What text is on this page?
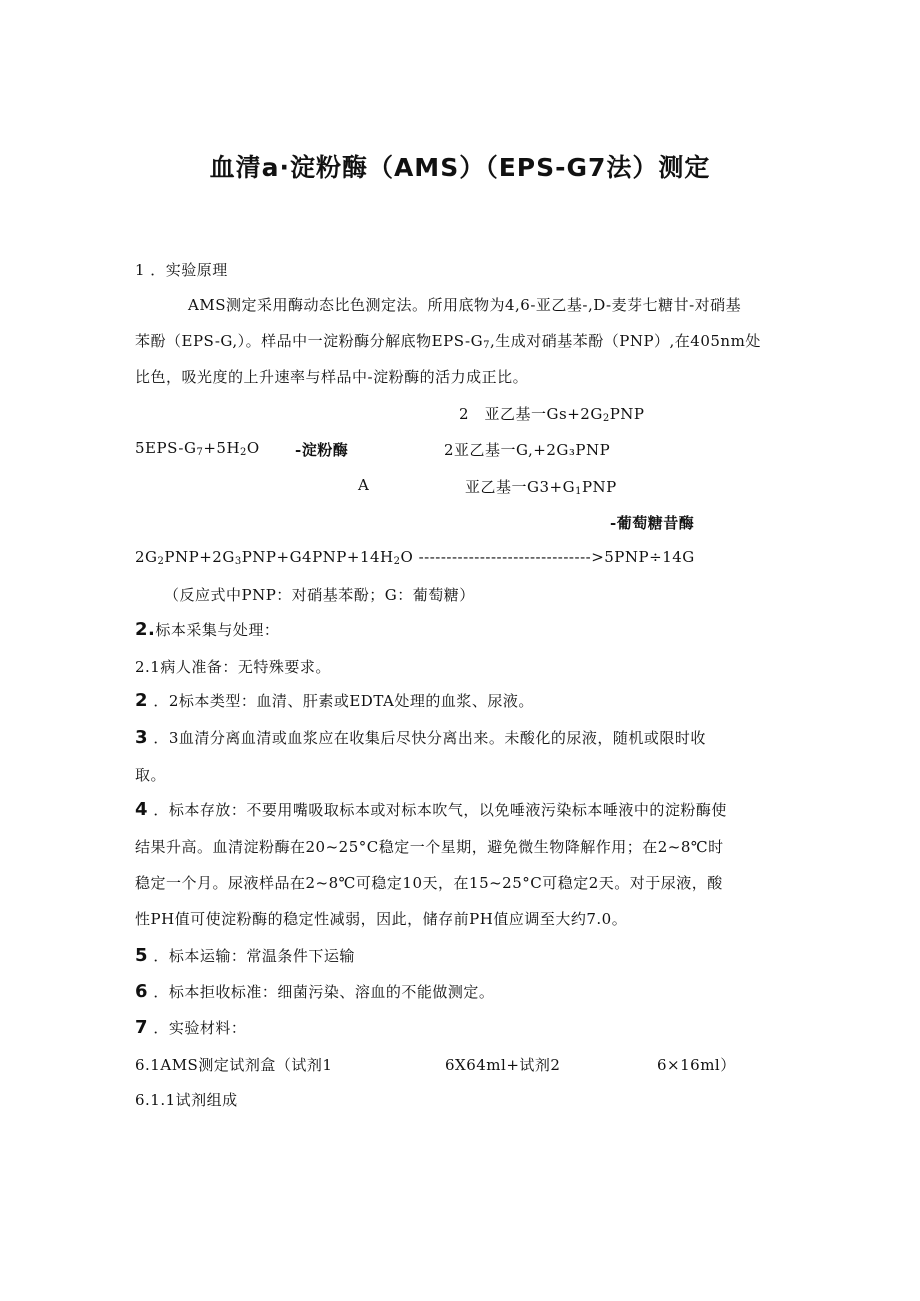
血清a·淀粉酶（AMS）（EPS-G7法）测定
1 ．实验原理
AMS测定采用酶动态比色测定法。所用底物为4,6-亚乙基-,D-麦芽七糖甘-对硝基
苯酚（EPS-G,）。样品中一淀粉酶分解底物EPS-$G_7$,生成对硝基苯酚（PNP）,在405nm处
比色，吸光度的上升速率与样品中-淀粉酶的活力成正比。
2　亚乙基一$Gs+2G_2PNP$
$5EPS-G_7+5H_2O$ -淀粉酶	2亚乙基一G,+2G₃PNP
A	亚乙基一$G3+G_1PNP$
-葡萄糖昔酶
$2G_2PNP+2G_3PNP+G4PNP+14H_2O$ ------------------------------->5PNP÷14G
（反应式中PNP：对硝基苯酚；G：葡萄糖）
2.标本采集与处理：
2.1病人准备：无特殊要求。
2 ．2标本类型：血清、肝素或EDTA处理的血浆、尿液。
3 ．3血清分离血清或血浆应在收集后尽快分离出来。未酸化的尿液，随机或限时收
取。
4 ．标本存放：不要用嘴吸取标本或对标本吹气，以免唾液污染标本唾液中的淀粉酶使
结果升高。血清淀粉酶在20~25°C稳定一个星期，避免微生物降解作用；在2~8℃时
稳定一个月。尿液样品在2~8℃可稳定10天，在15~25°C可稳定2天。对于尿液，酸
性PH值可使淀粉酶的稳定性减弱，因此，储存前PH值应调至大约7.0。
5 ．标本运输：常温条件下运输
6 ．标本拒收标准：细菌污染、溶血的不能做测定。
7 ．实验材料：
6.1AMS测定试剂盒（试剂1	6X64ml+试剂2	6×16ml）
6.1.1试剂组成
